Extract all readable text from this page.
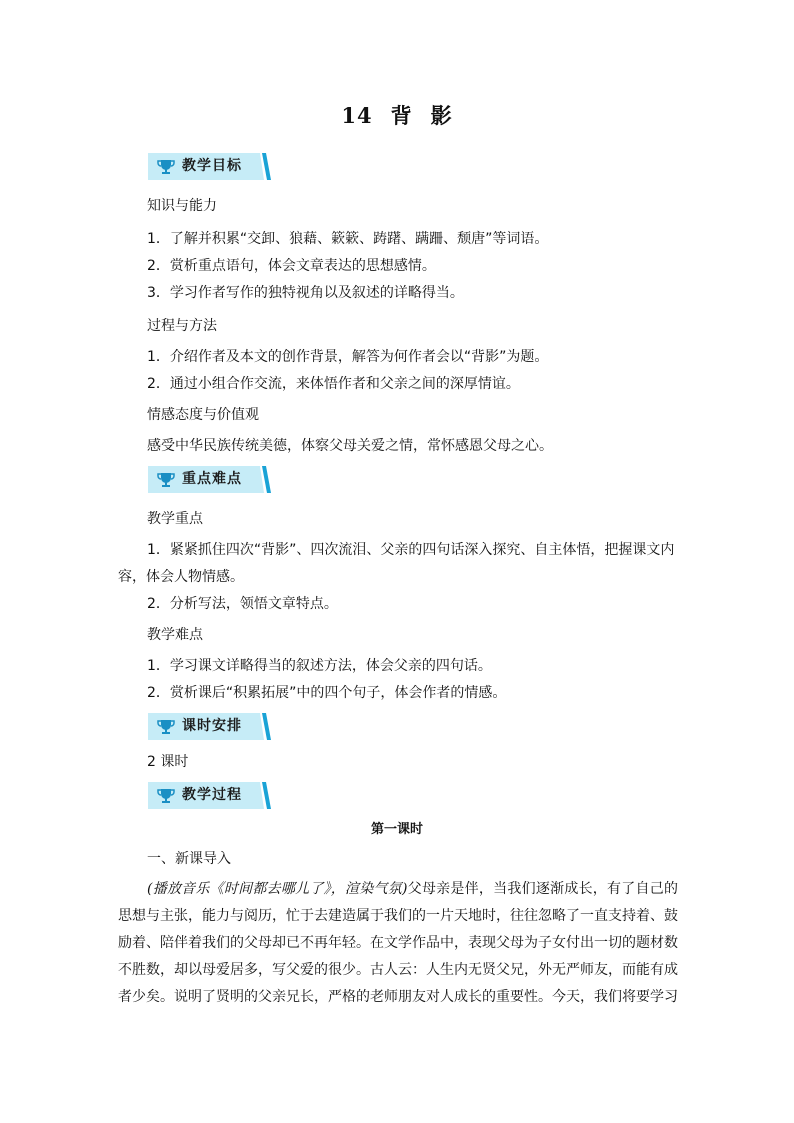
14 背 影
教学目标
知识与能力
1．了解并积累“交卸、狼藉、簌簌、踌躇、蹒跚、颓唐”等词语。
2．赏析重点语句，体会文章表达的思想感情。
3．学习作者写作的独特视角以及叙述的详略得当。
过程与方法
1．介绍作者及本文的创作背景，解答为何作者会以“背影”为题。
2．通过小组合作交流，来体悟作者和父亲之间的深厚情谊。
情感态度与价值观
感受中华民族传统美德，体察父母关爱之情，常怀感恩父母之心。
重点难点
教学重点
1．紧紧抓住四次“背影”、四次流泪、父亲的四句话深入探究、自主体悟，把握课文内
容，体会人物情感。
2．分析写法，领悟文章特点。
教学难点
1．学习课文详略得当的叙述方法，体会父亲的四句话。
2．赏析课后“积累拓展”中的四个句子，体会作者的情感。
课时安排
2 课时
教学过程
第一课时
一、新课导入
(播放音乐《时间都去哪儿了》，渲染气氛)父母亲是伴，当我们逐渐成长，有了自己的思想与主张，能力与阅历，忙于去建造属于我们的一片天地时，往往忽略了一直支持着、鼓励着、陪伴着我们的父母却已不再年轻。在文学作品中，表现父母为子女付出一切的题材数不胜数，却以母爱居多，写父爱的很少。古人云：人生内无贤父兄，外无严师友，而能有成者少矣。说明了贤明的父亲兄长，严格的老师朋友对人成长的重要性。今天，我们将要学习
